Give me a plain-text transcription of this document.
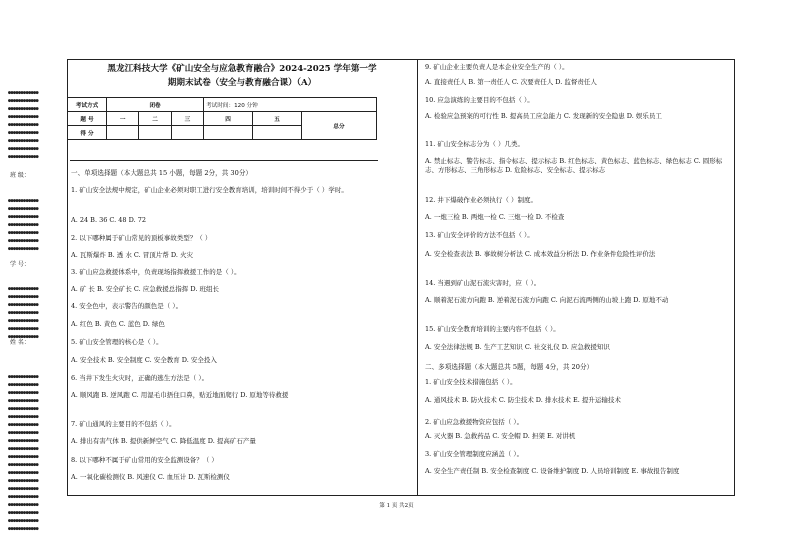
●●●●●●●●●●●●
●●●●●●●●●●●●
●●●●●●●●●●●●
●●●●●●●●●●●●
●●●●●●●●●●●●
●●●●●●●●●●●●
●●●●●●●●●●●●
●●●●●●●●●●●●
●●●●●●●●●●●●
●●●●●●●●●●●●
●●●●●●●●●●●●
●●●●●●●●●●●●
●●●●●●●●●●●●
●●●●●●●●●●●●
●●●●●●●●●●●●
●●●●●●●●●●●●
●●●●●●●●●●●●
●●●●●●●●●●●●
●●●●●●●●●●●●
●●●●●●●●●●●●
●●●●●●●●●●●●
●●●●●●●●●●●●
●●●●●●●●●●●●
●●●●●●●●●●●●
●●●●●●●●●●●●
●●●●●●●●●●●●
●●●●●●●●●●●●
●●●●●●●●●●●●
●●●●●●●●●●●●
●●●●●●●●●●●●
●●●●●●●●●●●●
●●●●●●●●●●●●
●●●●●●●●●●●●
●●●●●●●●●●●●
●●●●●●●●●●●●
●●●●●●●●●●●●
●●●●●●●●●●●●
●●●●●●●●●●●●
●●●●●●●●●●●●
●●●●●●●●●●●●
●●●●●●●●●●●●
●●●●●●●●●●●●
●●●●●●●●●●●●
班 级：
学 号：
姓 名：
黑龙江科技大学《矿山安全与应急教育融合》2024-2025 学年第一学
期期末试卷（安全与教育融合课）（A）
考试方式	闭卷			考试时间：120 分钟		
题 号	一	二	三	四	五	总分
得 分						
一、单项选择题（本大题总共 15 小题，每题 2分，共 30分）
1. 矿山安全法规中规定，矿山企业必须对职工进行安全教育培训，培训时间不得少于（ ）学时。
A. 24 B. 36 C. 48 D. 72
2. 以下哪种属于矿山常见的顶板事故类型？（ ）
A. 瓦斯爆炸 B. 透 水 C. 冒顶片帮 D. 火灾
3. 矿山应急救援体系中，负责现场指挥救援工作的是（ ）。
A. 矿 长 B. 安全矿长 C. 应急救援总指挥 D. 班组长
4. 安全色中，表示警告的颜色是（ ）。
A. 红色 B. 黄色 C. 蓝色 D. 绿色
5. 矿山安全管理的核心是（ ）。
A. 安全技术 B. 安全制度 C. 安全教育 D. 安全投入
6. 当井下发生火灾时，正确的逃生方法是（ ）。
A. 顺风跑 B. 逆风跑 C. 用湿毛巾捂住口鼻，贴近地面爬行 D. 原地等待救援
7. 矿山通风的主要目的不包括（ ）。
A. 排出有害气体 B. 提供新鲜空气 C. 降低温度 D. 提高矿石产量
8. 以下哪种不属于矿山常用的安全监测设备？（ ）
A. 一氧化碳检测仪 B. 风速仪 C. 血压计 D. 瓦斯检测仪
9. 矿山企业主要负责人是本企业安全生产的（ ）。
A. 直接责任人 B. 第一责任人 C. 次要责任人 D. 监督责任人
10. 应急演练的主要目的不包括（ ）。
A. 检验应急预案的可行性 B. 提高员工应急能力 C. 发现新的安全隐患 D. 娱乐员工
11. 矿山安全标志分为（ ）几类。
A. 禁止标志、警告标志、指令标志、提示标志 B. 红色标志、黄色标志、蓝色标志、绿色标志 C. 圆形标志、方形标志、三角形标志 D. 危险标志、安全标志、提示标志
12. 井下爆破作业必须执行（ ）制度。
A. 一炮三检 B. 两炮一检 C. 三炮一检 D. 不检查
13. 矿山安全评价的方法不包括（ ）。
A. 安全检查表法 B. 事故树分析法 C. 成本效益分析法 D. 作业条件危险性评价法
14. 当遇到矿山泥石流灾害时，应（ ）。
A. 顺着泥石流方向跑 B. 逆着泥石流方向跑 C. 向泥石流两侧的山坡上跑 D. 原地不动
15. 矿山安全教育培训的主要内容不包括（ ）。
A. 安全法律法规 B. 生产工艺知识 C. 社交礼仪 D. 应急救援知识
二、多项选择题（本大题总共 5题，每题 4分，共 20分）
1. 矿山安全技术措施包括（ ）。
A. 通风技术 B. 防火技术 C. 防尘技术 D. 排水技术 E. 提升运输技术
2. 矿山应急救援物资应包括（ ）。
A. 灭火器 B. 急救药品 C. 安全帽 D. 担架 E. 对讲机
3. 矿山安全管理制度应涵盖（ ）。
A. 安全生产责任制 B. 安全检查制度 C. 设备维护制度 D. 人员培训制度 E. 事故报告制度
第 1 页 共2页
